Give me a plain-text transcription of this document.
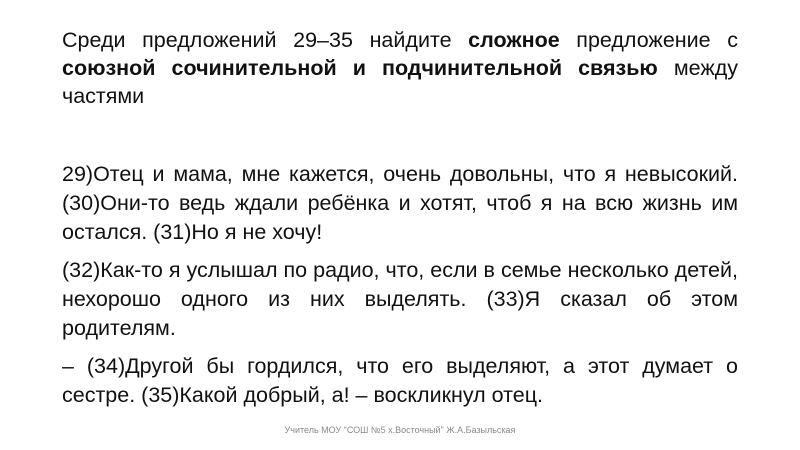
Среди предложений 29–35 найдите сложное предложение с союзной сочинительной и подчинительной связью между частями

29)Отец и мама, мне кажется, очень довольны, что я невысокий. (30)Они-то ведь ждали ребёнка и хотят, чтоб я на всю жизнь им остался. (31)Но я не хочу!

(32)Как-то я услышал по радио, что, если в семье несколько детей, нехорошо одного из них выделять. (33)Я сказал об этом родителям.

– (34)Другой бы гордился, что его выделяют, а этот думает о сестре. (35)Какой добрый, а! – воскликнул отец.

Учитель МОУ "СОШ №5 х.Восточный" Ж.А.Базыльская
